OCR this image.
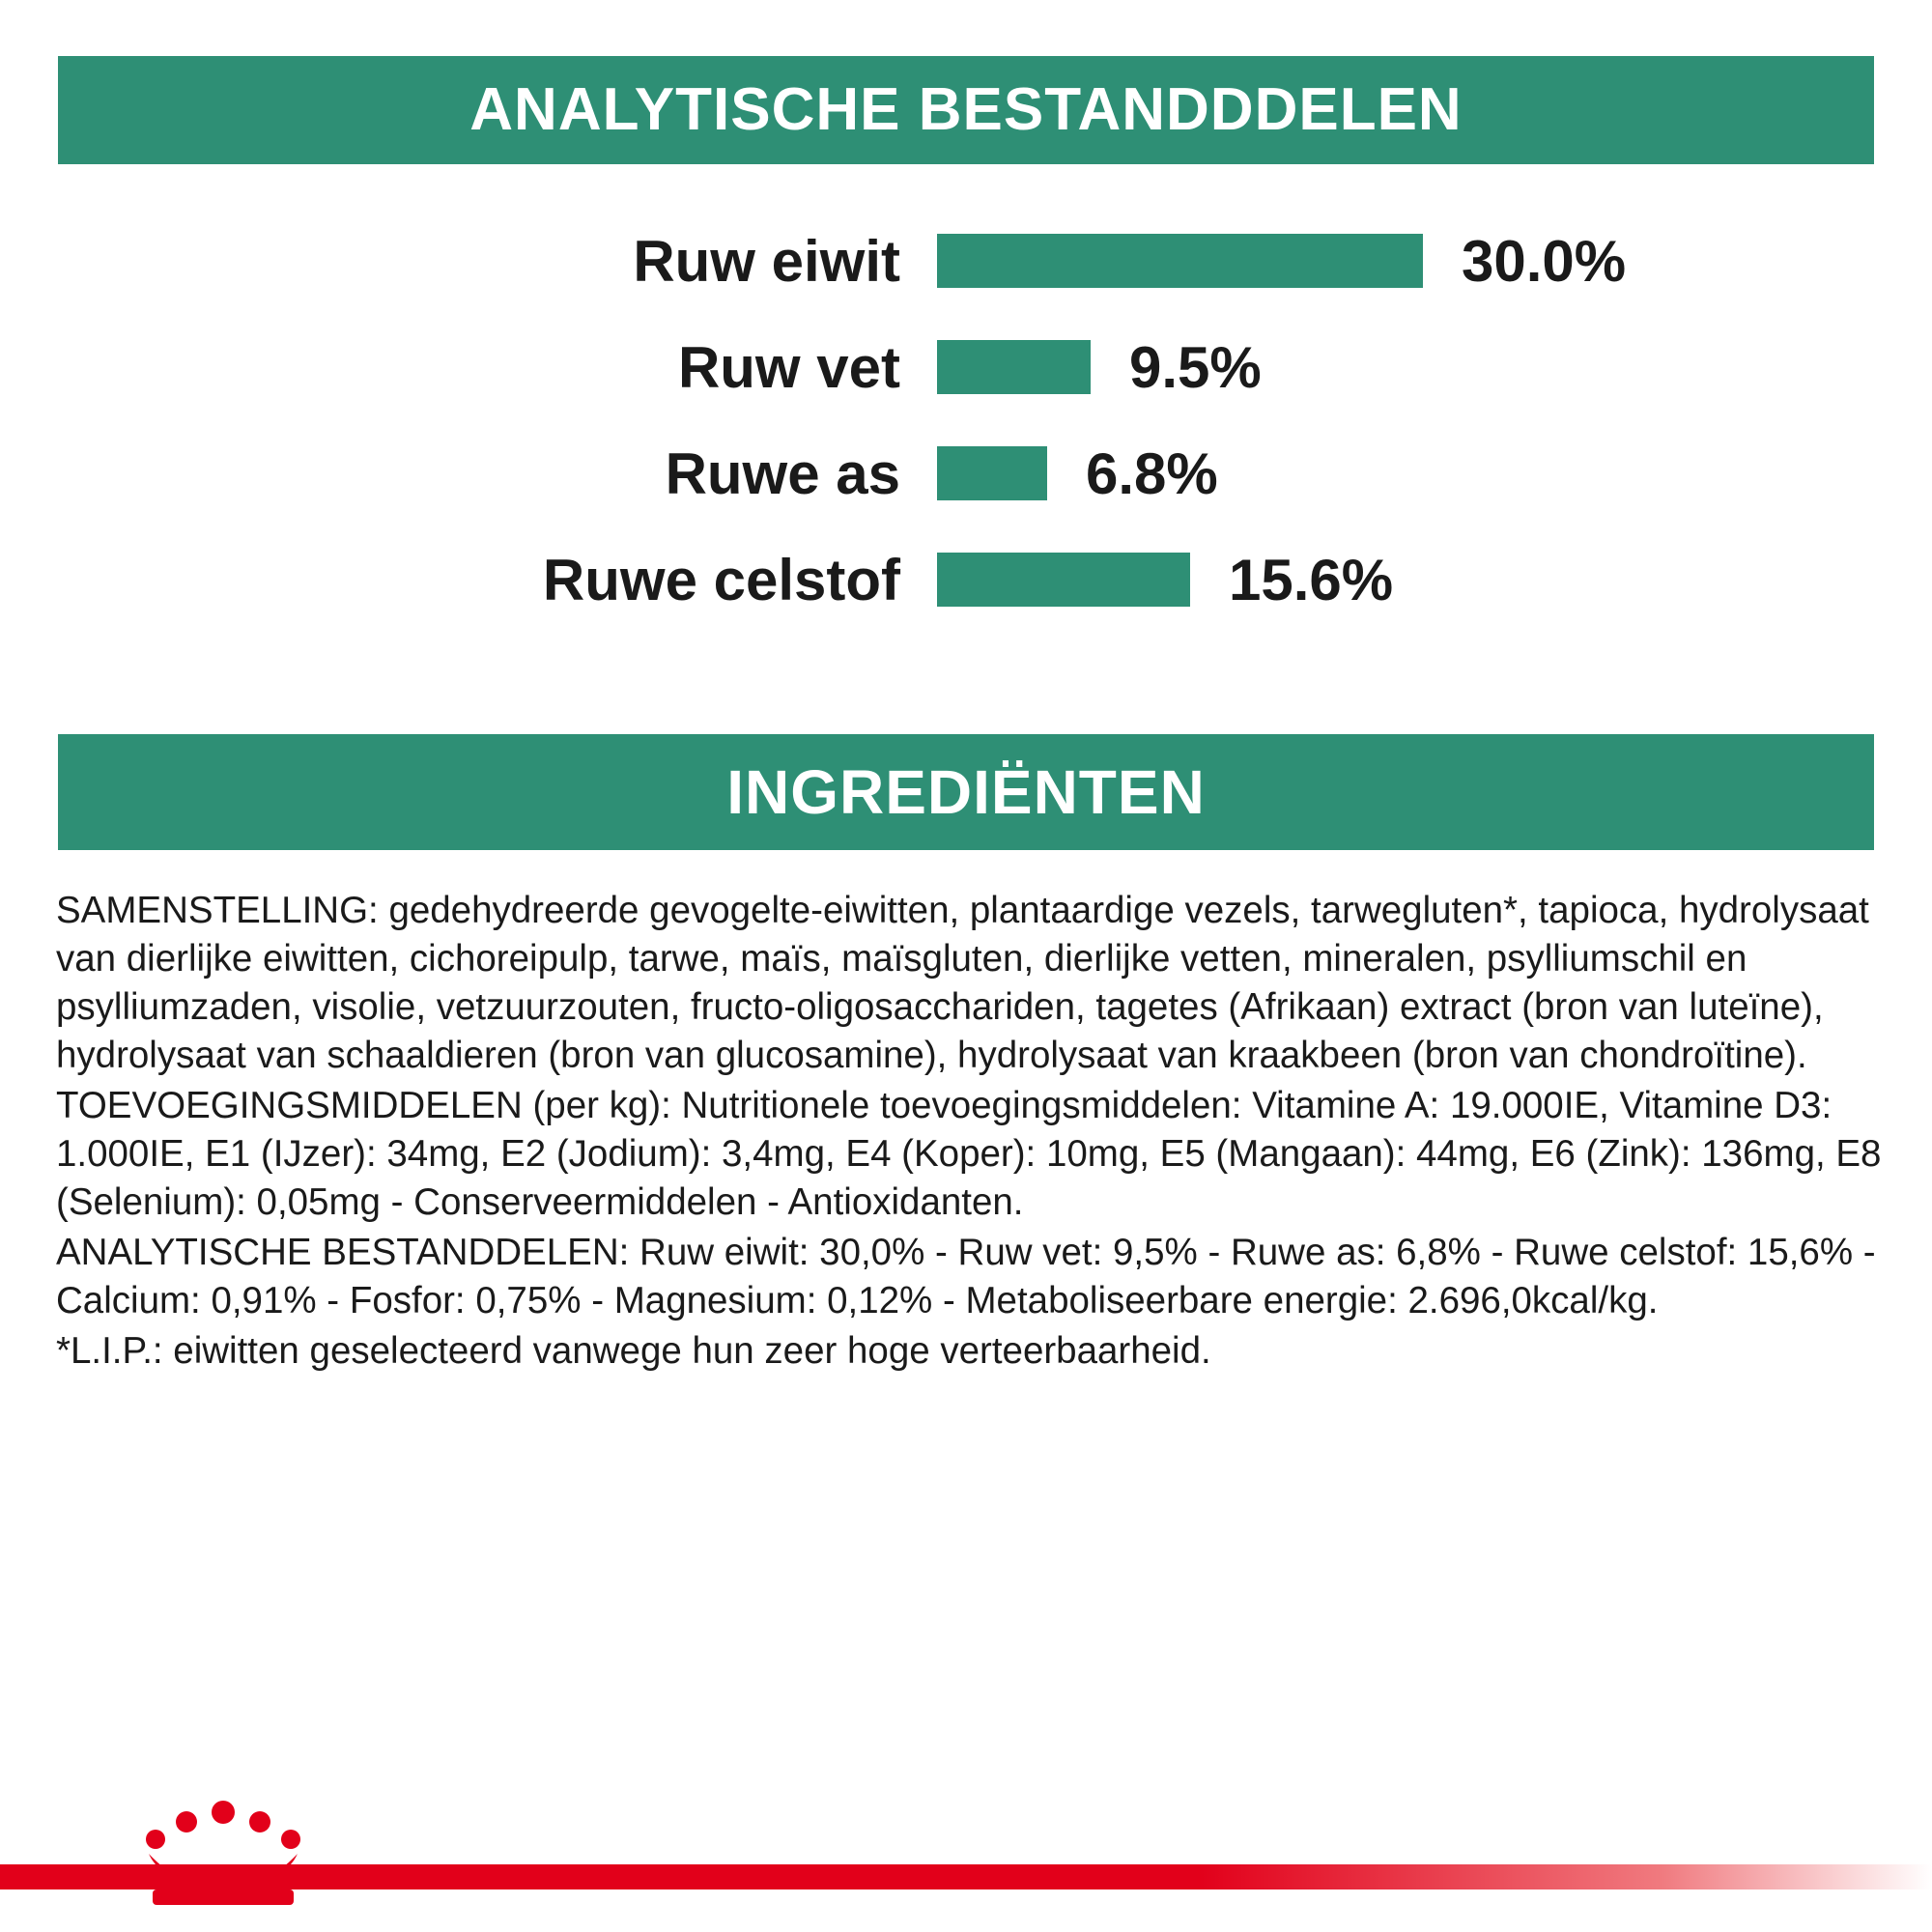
ANALYTISCHE BESTANDDDELEN
Ruw eiwit	30.0%
Ruw vet	9.5%
Ruwe as	6.8%
Ruwe celstof	15.6%
INGREDIËNTEN

SAMENSTELLING: gedehydreerde gevogelte-eiwitten, plantaardige vezels, tarwegluten*, tapioca, hydrolysaat van dierlijke eiwitten, cichoreipulp, tarwe, maïs, maïsgluten, dierlijke vetten, mineralen, psylliumschil en psylliumzaden, visolie, vetzuurzouten, fructo-oligosacchariden, tagetes (Afrikaan) extract (bron van luteïne), hydrolysaat van schaaldieren (bron van glucosamine), hydrolysaat van kraakbeen (bron van chondroïtine).

TOEVOEGINGSMIDDELEN (per kg): Nutritionele toevoegingsmiddelen: Vitamine A: 19.000IE, Vitamine D3: 1.000IE, E1 (IJzer): 34mg, E2 (Jodium): 3,4mg, E4 (Koper): 10mg, E5 (Mangaan): 44mg, E6 (Zink): 136mg, E8 (Selenium): 0,05mg - Conserveermiddelen - Antioxidanten.

ANALYTISCHE BESTANDDELEN: Ruw eiwit: 30,0% - Ruw vet: 9,5% - Ruwe as: 6,8% - Ruwe celstof: 15,6% - Calcium: 0,91% - Fosfor: 0,75% - Magnesium: 0,12% - Metaboliseerbare energie: 2.696,0kcal/kg.

*L.I.P.: eiwitten geselecteerd vanwege hun zeer hoge verteerbaarheid.
